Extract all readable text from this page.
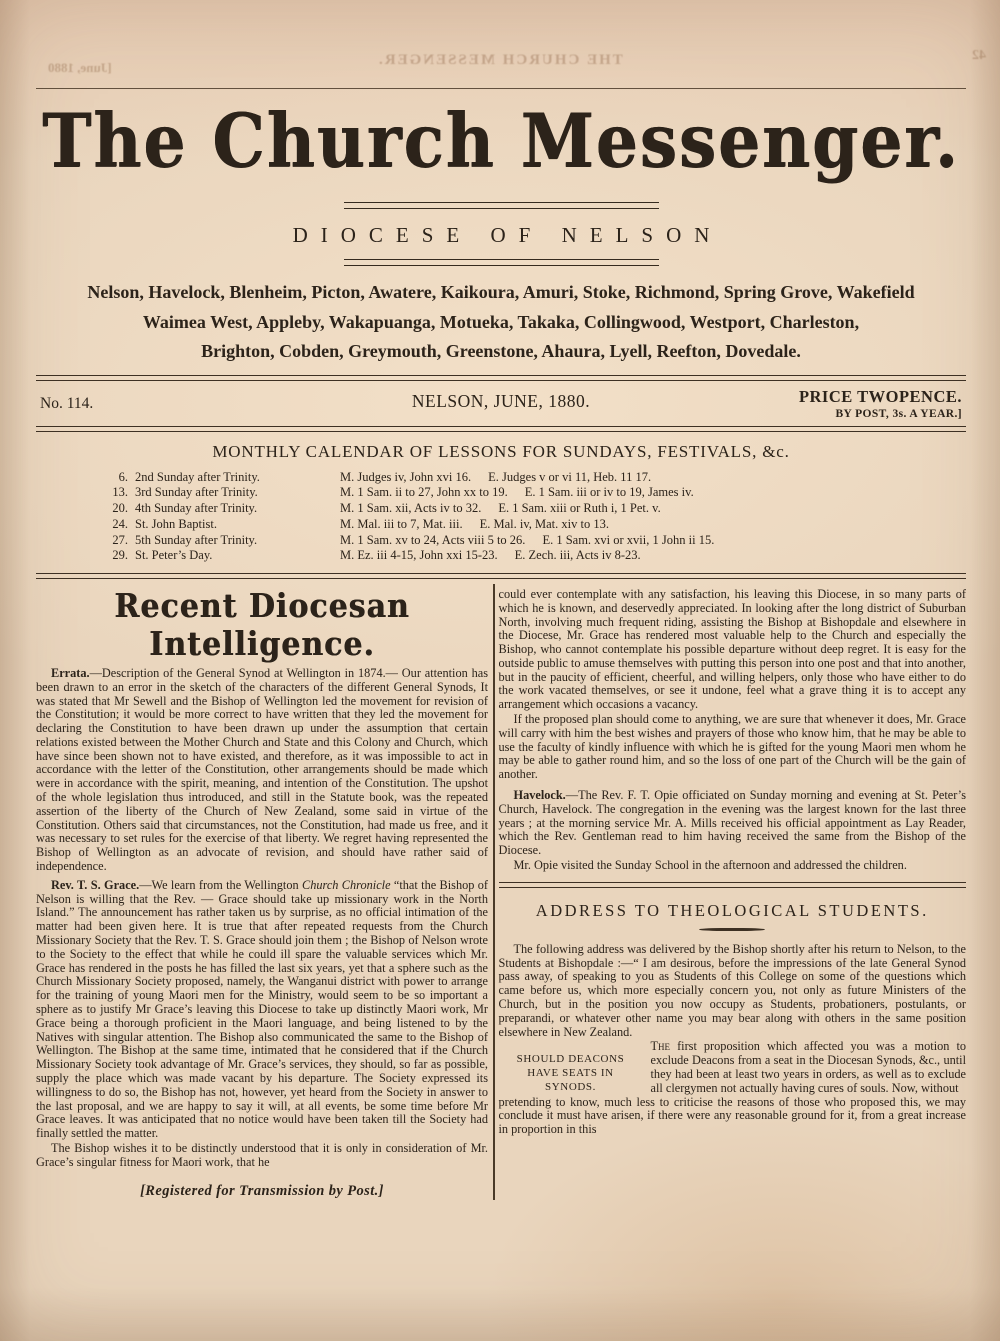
[June, 1880	THE CHURCH MESSENGER.	42
The Church Messenger.
DIOCESE OF NELSON
Nelson, Havelock, Blenheim, Picton, Awatere, Kaikoura, Amuri, Stoke, Richmond, Spring Grove, Wakefield
Waimea West, Appleby, Wakapuanga, Motueka, Takaka, Collingwood, Westport, Charleston,
Brighton, Cobden, Greymouth, Greenstone, Ahaura, Lyell, Reefton, Dovedale.
No. 114.	NELSON, JUNE, 1880.	PRICE TWOPENCE.
BY POST, 3s. A YEAR.]
MONTHLY CALENDAR OF LESSONS FOR SUNDAYS, FESTIVALS, &c.
6. 2nd Sunday after Trinity.	M. Judges iv, John xvi 16. E. Judges v or vi 11, Heb. 11 17.
13. 3rd Sunday after Trinity.	M. 1 Sam. ii to 27, John xx to 19. E. 1 Sam. iii or iv to 19, James iv.
20. 4th Sunday after Trinity.	M. 1 Sam. xii, Acts iv to 32. E. 1 Sam. xiii or Ruth i, 1 Pet. v.
24. St. John Baptist.	M. Mal. iii to 7, Mat. iii. E. Mal. iv, Mat. xiv to 13.
27. 5th Sunday after Trinity.	M. 1 Sam. xv to 24, Acts viii 5 to 26. E. 1 Sam. xvi or xvii, 1 John ii 15.
29. St. Peter’s Day.	M. Ez. iii 4-15, John xxi 15-23. E. Zech. iii, Acts iv 8-23.
Recent Diocesan Intelligence.

Errata.—Description of the General Synod at Wellington in 1874.— Our attention has been drawn to an error in the sketch of the characters of the different General Synods, It was stated that Mr Sewell and the Bishop of Wellington led the movement for revision of the Constitution; it would be more correct to have written that they led the movement for declaring the Constitution to have been drawn up under the assumption that certain relations existed between the Mother Church and State and this Colony and Church, which have since been shown not to have existed, and therefore, as it was impossible to act in accordance with the letter of the Constitution, other arrangements should be made which were in accordance with the spirit, meaning, and intention of the Constitution. The upshot of the whole legislation thus introduced, and still in the Statute book, was the repeated assertion of the liberty of the Church of New Zealand, some said in virtue of the Constitution. Others said that circumstances, not the Constitution, had made us free, and it was necessary to set rules for the exercise of that liberty. We regret having represented the Bishop of Wellington as an advocate of revision, and should have rather said of independence.

Rev. T. S. Grace.—We learn from the Wellington Church Chronicle “that the Bishop of Nelson is willing that the Rev. — Grace should take up missionary work in the North Island.” The announcement has rather taken us by surprise, as no official intimation of the matter had been given here. It is true that after repeated requests from the Church Missionary Society that the Rev. T. S. Grace should join them ; the Bishop of Nelson wrote to the Society to the effect that while he could ill spare the valuable services which Mr. Grace has rendered in the posts he has filled the last six years, yet that a sphere such as the Church Missionary Society proposed, namely, the Wanganui district with power to arrange for the training of young Maori men for the Ministry, would seem to be so important a sphere as to justify Mr Grace’s leaving this Diocese to take up distinctly Maori work, Mr Grace being a thorough proficient in the Maori language, and being listened to by the Natives with singular attention. The Bishop also communicated the same to the Bishop of Wellington. The Bishop at the same time, intimated that he considered that if the Church Missionary Society took advantage of Mr. Grace’s services, they should, so far as possible, supply the place which was made vacant by his departure. The Society expressed its willingness to do so, the Bishop has not, however, yet heard from the Society in answer to the last proposal, and we are happy to say it will, at all events, be some time before Mr Grace leaves. It was anticipated that no notice would have been taken till the Society had finally settled the matter.

The Bishop wishes it to be distinctly understood that it is only in consideration of Mr. Grace’s singular fitness for Maori work, that he

[Registered for Transmission by Post.]

could ever contemplate with any satisfaction, his leaving this Diocese, in so many parts of which he is known, and deservedly appreciated. In looking after the long district of Suburban North, involving much frequent riding, assisting the Bishop at Bishopdale and elsewhere in the Diocese, Mr. Grace has rendered most valuable help to the Church and especially the Bishop, who cannot contemplate his possible departure without deep regret. It is easy for the outside public to amuse themselves with putting this person into one post and that into another, but in the paucity of efficient, cheerful, and willing helpers, only those who have either to do the work vacated themselves, or see it undone, feel what a grave thing it is to accept any arrangement which occasions a vacancy.

If the proposed plan should come to anything, we are sure that whenever it does, Mr. Grace will carry with him the best wishes and prayers of those who know him, that he may be able to use the faculty of kindly influence with which he is gifted for the young Maori men whom he may be able to gather round him, and so the loss of one part of the Church will be the gain of another.

Havelock.—The Rev. F. T. Opie officiated on Sunday morning and evening at St. Peter’s Church, Havelock. The congregation in the evening was the largest known for the last three years ; at the morning service Mr. A. Mills received his official appointment as Lay Reader, which the Rev. Gentleman read to him having received the same from the Bishop of the Diocese.

Mr. Opie visited the Sunday School in the afternoon and addressed the children.

ADDRESS TO THEOLOGICAL STUDENTS.

The following address was delivered by the Bishop shortly after his return to Nelson, to the Students at Bishopdale :—“ I am desirous, before the impressions of the late General Synod pass away, of speaking to you as Students of this College on some of the questions which came before us, which more especially concern you, not only as future Ministers of the Church, but in the position you now occupy as Students, probationers, postulants, or preparandi, or whatever other name you may bear along with others in the same position elsewhere in New Zealand.

SHOULD DEACONS HAVE SEATS IN SYNODS.
The first proposition which affected you was a motion to exclude Deacons from a seat in the Diocesan Synods, &c., until they had been at least two years in orders, as well as to exclude all clergymen not actually having cures of souls. Now, without

pretending to know, much less to criticise the reasons of those who proposed this, we may conclude it must have arisen, if there were any reasonable ground for it, from a great increase in proportion in this
